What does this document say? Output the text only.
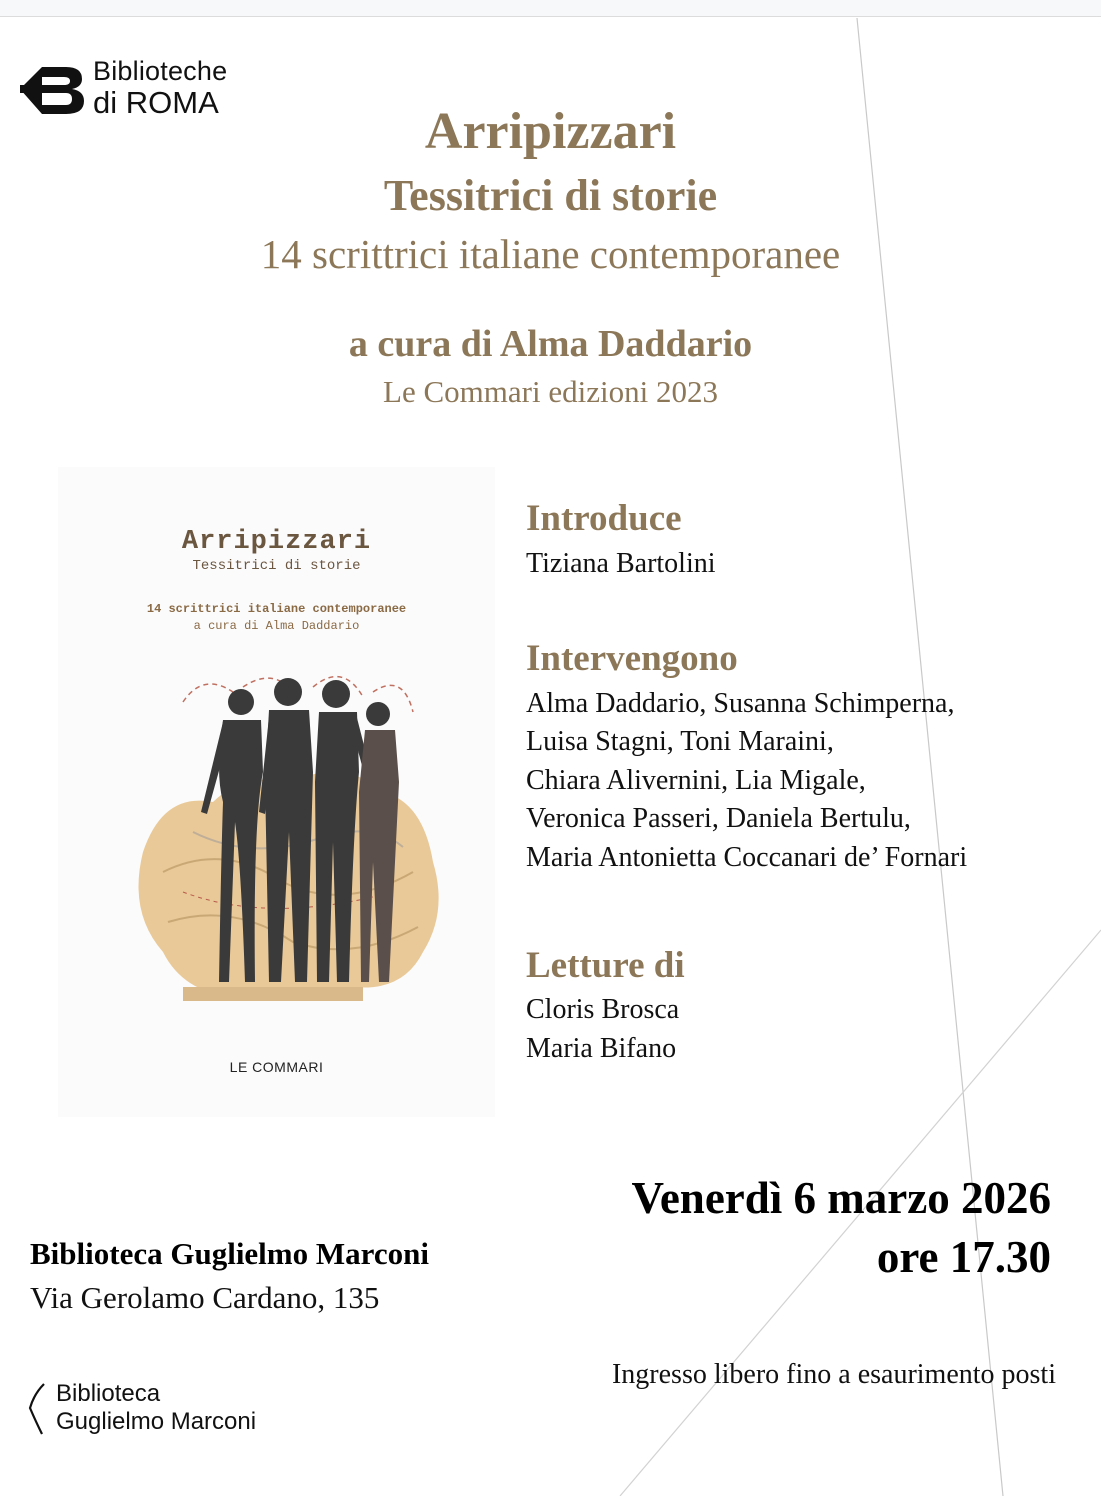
Biblioteche
di ROMA
Arripizzari
Tessitrici di storie
14 scrittrici italiane contemporanee
a cura di Alma Daddario
Le Commari edizioni 2023
Arripizzari
Tessitrici di storie
14 scrittrici italiane contemporanee
a cura di Alma Daddario
LE COMMARI
Introduce
Tiziana Bartolini
Intervengono
Alma Daddario, Susanna Schimperna,
Luisa Stagni, Toni Maraini,
Chiara Alivernini, Lia Migale,
Veronica Passeri, Daniela Bertulu,
Maria Antonietta Coccanari de’ Fornari
Letture di
Cloris Brosca
Maria Bifano
Venerdì 6 marzo 2026
ore 17.30
Biblioteca Guglielmo Marconi
Via Gerolamo Cardano, 135
Ingresso libero fino a esaurimento posti
Biblioteca
Guglielmo Marconi
